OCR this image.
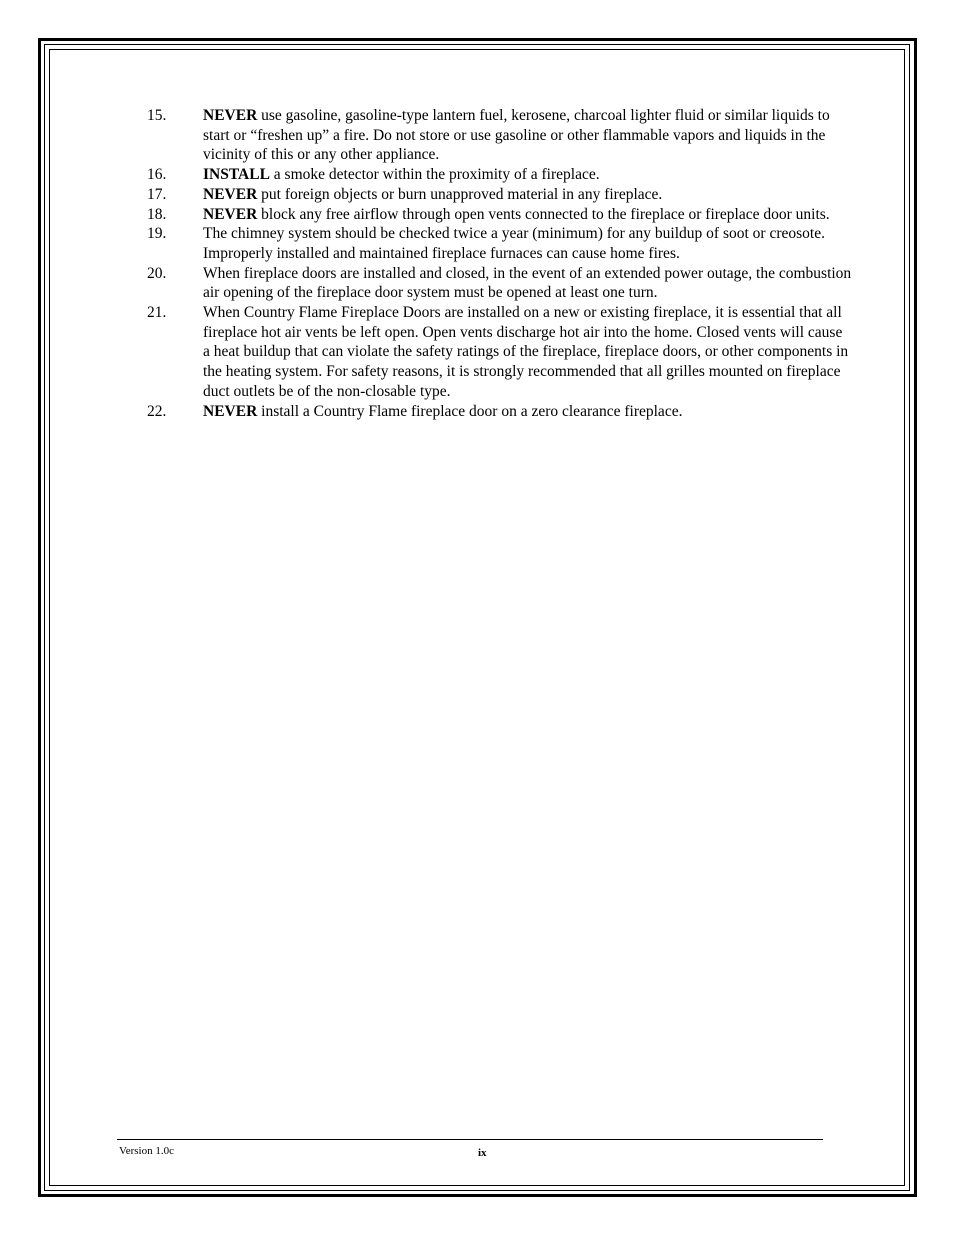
15.	NEVER use gasoline, gasoline-type lantern fuel, kerosene, charcoal lighter fluid or similar liquids to start or “freshen up” a fire. Do not store or use gasoline or other flammable vapors and liquids in the vicinity of this or any other appliance.
16.	INSTALL a smoke detector within the proximity of a fireplace.
17.	NEVER put foreign objects or burn unapproved material in any fireplace.
18.	NEVER block any free airflow through open vents connected to the fireplace or fireplace door units.
19.	The chimney system should be checked twice a year (minimum) for any buildup of soot or creosote. Improperly installed and maintained fireplace furnaces can cause home fires.
20.	When fireplace doors are installed and closed, in the event of an extended power outage, the combustion air opening of the fireplace door system must be opened at least one turn.
21.	When Country Flame Fireplace Doors are installed on a new or existing fireplace, it is essential that all fireplace hot air vents be left open. Open vents discharge hot air into the home. Closed vents will cause a heat buildup that can violate the safety ratings of the fireplace, fireplace doors, or other components in the heating system. For safety reasons, it is strongly recommended that all grilles mounted on fireplace duct outlets be of the non-closable type.
22.	NEVER install a Country Flame fireplace door on a zero clearance fireplace.
Version 1.0c	ix
